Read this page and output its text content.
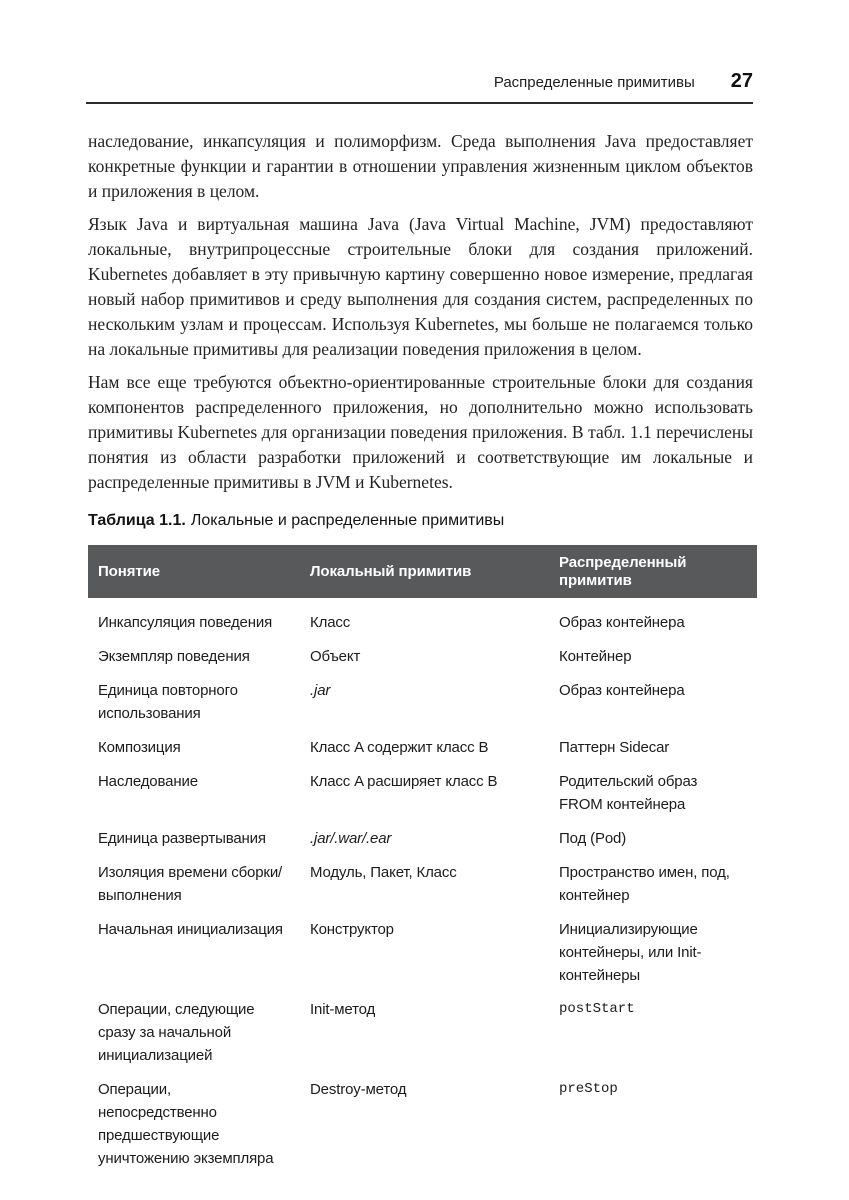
Распределенные примитивы 27

наследование, инкапсуляция и полиморфизм. Среда выполнения Java предоставляет конкретные функции и гарантии в отношении управления жизненным циклом объектов и приложения в целом.

Язык Java и виртуальная машина Java (Java Virtual Machine, JVM) предоставляют локальные, внутрипроцессные строительные блоки для создания приложений. Kubernetes добавляет в эту привычную картину совершенно новое измерение, предлагая новый набор примитивов и среду выполнения для создания систем, распределенных по нескольким узлам и процессам. Используя Kubernetes, мы больше не полагаемся только на локальные примитивы для реализации поведения приложения в целом.

Нам все еще требуются объектно-ориентированные строительные блоки для создания компонентов распределенного приложения, но дополнительно можно использовать примитивы Kubernetes для организации поведения приложения. В табл. 1.1 перечислены понятия из области разработки приложений и соответствующие им локальные и распределенные примитивы в JVM и Kubernetes.

Таблица 1.1. Локальные и распределенные примитивы
Понятие	Локальный примитив	Распределенный примитив
Инкапсуляция поведения	Класс	Образ контейнера
Экземпляр поведения	Объект	Контейнер
Единица повторного использования	.jar	Образ контейнера
Композиция	Класс A содержит класс B	Паттерн Sidecar
Наследование	Класс A расширяет класс B	Родительский образ FROM контейнера
Единица развертывания	.jar/.war/.ear	Под (Pod)
Изоляция времени сборки/выполнения	Модуль, Пакет, Класс	Пространство имен, под, контейнер
Начальная инициализация	Конструктор	Инициализирующие контейнеры, или Init-контейнеры
Операции, следующие сразу за начальной инициализацией	Init-метод	postStart
Операции, непосредственно предшествующие уничтожению экземпляра	Destroy-метод	preStop
